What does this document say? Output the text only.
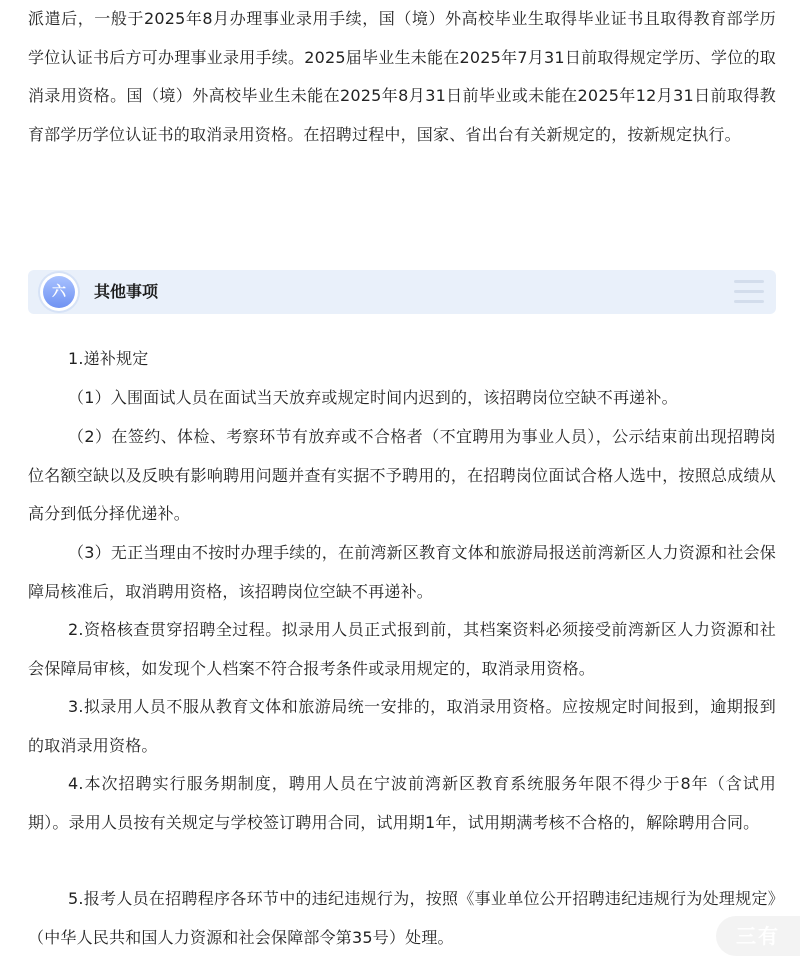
派遣后，一般于2025年8月办理事业录用手续，国（境）外高校毕业生取得毕业证书且取得教育部学历学位认证书后方可办理事业录用手续。2025届毕业生未能在2025年7月31日前取得规定学历、学位的取消录用资格。国（境）外高校毕业生未能在2025年8月31日前毕业或未能在2025年12月31日前取得教育部学历学位认证书的取消录用资格。在招聘过程中，国家、省出台有关新规定的，按新规定执行。

六	其他事项

1.递补规定

（1）入围面试人员在面试当天放弃或规定时间内迟到的，该招聘岗位空缺不再递补。

（2）在签约、体检、考察环节有放弃或不合格者（不宜聘用为事业人员），公示结束前出现招聘岗位名额空缺以及反映有影响聘用问题并查有实据不予聘用的，在招聘岗位面试合格人选中，按照总成绩从高分到低分择优递补。

（3）无正当理由不按时办理手续的，在前湾新区教育文体和旅游局报送前湾新区人力资源和社会保障局核准后，取消聘用资格，该招聘岗位空缺不再递补。

2.资格核查贯穿招聘全过程。拟录用人员正式报到前，其档案资料必须接受前湾新区人力资源和社会保障局审核，如发现个人档案不符合报考条件或录用规定的，取消录用资格。

3.拟录用人员不服从教育文体和旅游局统一安排的，取消录用资格。应按规定时间报到，逾期报到的取消录用资格。

4.本次招聘实行服务期制度，聘用人员在宁波前湾新区教育系统服务年限不得少于8年（含试用期）。录用人员按有关规定与学校签订聘用合同，试用期1年，试用期满考核不合格的，解除聘用合同。

5.报考人员在招聘程序各环节中的违纪违规行为，按照《事业单位公开招聘违纪违规行为处理规定》（中华人民共和国人力资源和社会保障部令第35号）处理。	三有
